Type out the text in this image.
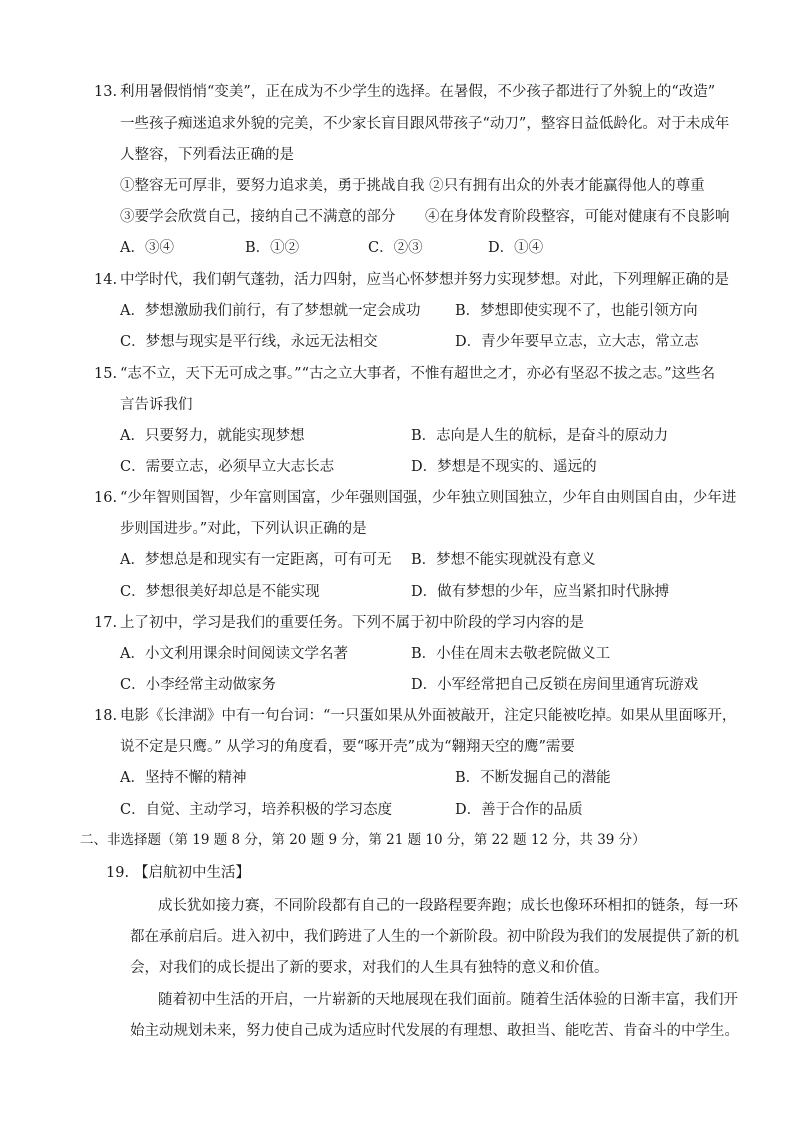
13. 利用暑假悄悄“变美”，正在成为不少学生的选择。在暑假，不少孩子都进行了外貌上的“改造”
一些孩子痴迷追求外貌的完美，不少家长盲目跟风带孩子“动刀”，整容日益低龄化。对于未成年
人整容，下列看法正确的是
①整容无可厚非，要努力追求美，勇于挑战自我 ②只有拥有出众的外表才能赢得他人的尊重
③要学会欣赏自己，接纳自己不满意的部分 ④在身体发育阶段整容，可能对健康有不良影响
A．③④	B．①②	C．②③	D．①④
14. 中学时代，我们朝气蓬勃，活力四射，应当心怀梦想并努力实现梦想。对此，下列理解正确的是
A．梦想激励我们前行，有了梦想就一定会成功 B．梦想即使实现不了，也能引领方向
C．梦想与现实是平行线，永远无法相交	D．青少年要早立志，立大志，常立志
15. “志不立，天下无可成之事。”“古之立大事者，不惟有超世之才，亦必有坚忍不拔之志。”这些名
言告诉我们
A．只要努力，就能实现梦想	B．志向是人生的航标，是奋斗的原动力
C．需要立志，必须早立大志长志	D．梦想是不现实的、遥远的
16. “少年智则国智，少年富则国富，少年强则国强，少年独立则国独立，少年自由则国自由，少年进
步则国进步。”对此，下列认识正确的是
A．梦想总是和现实有一定距离，可有可无 B．梦想不能实现就没有意义
C．梦想很美好却总是不能实现	D．做有梦想的少年，应当紧扣时代脉搏
17. 上了初中，学习是我们的重要任务。下列不属于初中阶段的学习内容的是
A．小文利用课余时间阅读文学名著	B．小佳在周末去敬老院做义工
C．小李经常主动做家务	D．小军经常把自己反锁在房间里通宵玩游戏
18. 电影《长津湖》中有一句台词：“一只蛋如果从外面被敲开，注定只能被吃掉。如果从里面啄开，
说不定是只鹰。” 从学习的角度看，要“啄开壳”成为“翱翔天空的鹰”需要
A．坚持不懈的精神	B．不断发掘自己的潜能
C．自觉、主动学习，培养积极的学习态度	D．善于合作的品质
二、非选择题（第 19 题 8 分，第 20 题 9 分，第 21 题 10 分，第 22 题 12 分，共 39 分）
19. 【启航初中生活】
成长犹如接力赛，不同阶段都有自己的一段路程要奔跑；成长也像环环相扣的链条，每一环
都在承前启后。进入初中，我们跨进了人生的一个新阶段。初中阶段为我们的发展提供了新的机
会，对我们的成长提出了新的要求，对我们的人生具有独特的意义和价值。
随着初中生活的开启，一片崭新的天地展现在我们面前。随着生活体验的日渐丰富，我们开
始主动规划未来，努力使自己成为适应时代发展的有理想、敢担当、能吃苦、肯奋斗的中学生。
